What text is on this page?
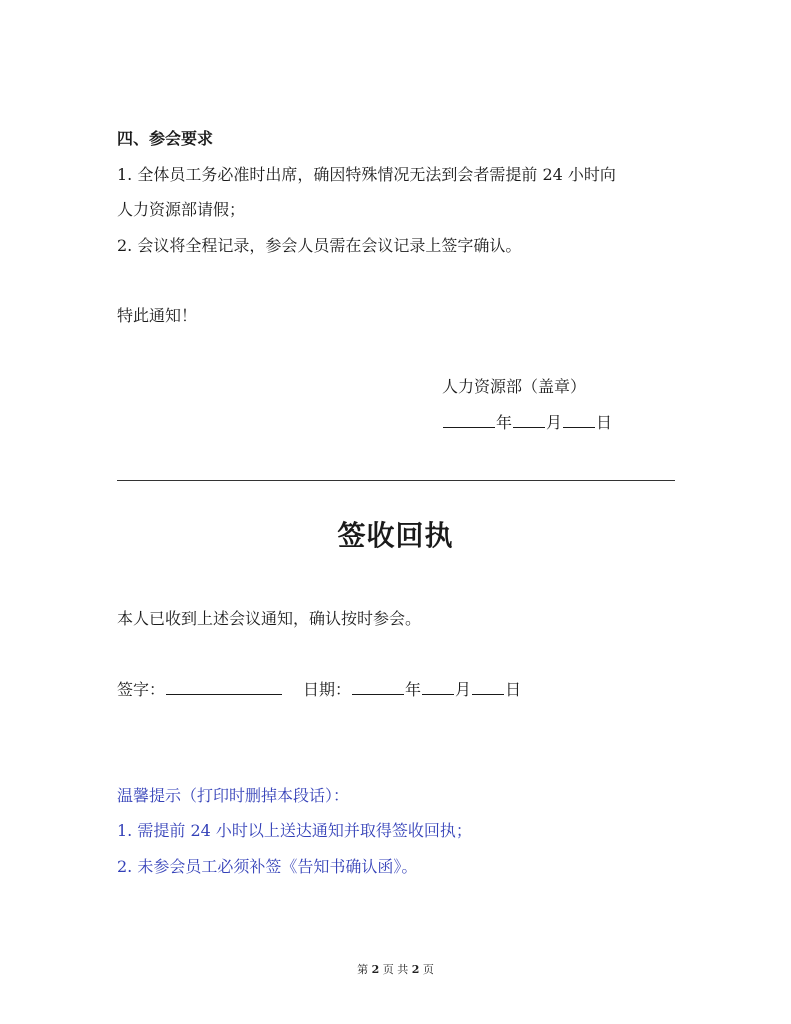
四、参会要求
1. 全体员工务必准时出席，确因特殊情况无法到会者需提前 24 小时向
人力资源部请假；
2. 会议将全程记录，参会人员需在会议记录上签字确认。
特此通知！
人力资源部（盖章）
年 月 日
签收回执
本人已收到上述会议通知，确认按时参会。
签字：	日期：	年 月 日
温馨提示（打印时删掉本段话）：
1. 需提前 24 小时以上送达通知并取得签收回执；
2. 未参会员工必须补签《告知书确认函》。
第 2 页 共 2 页
